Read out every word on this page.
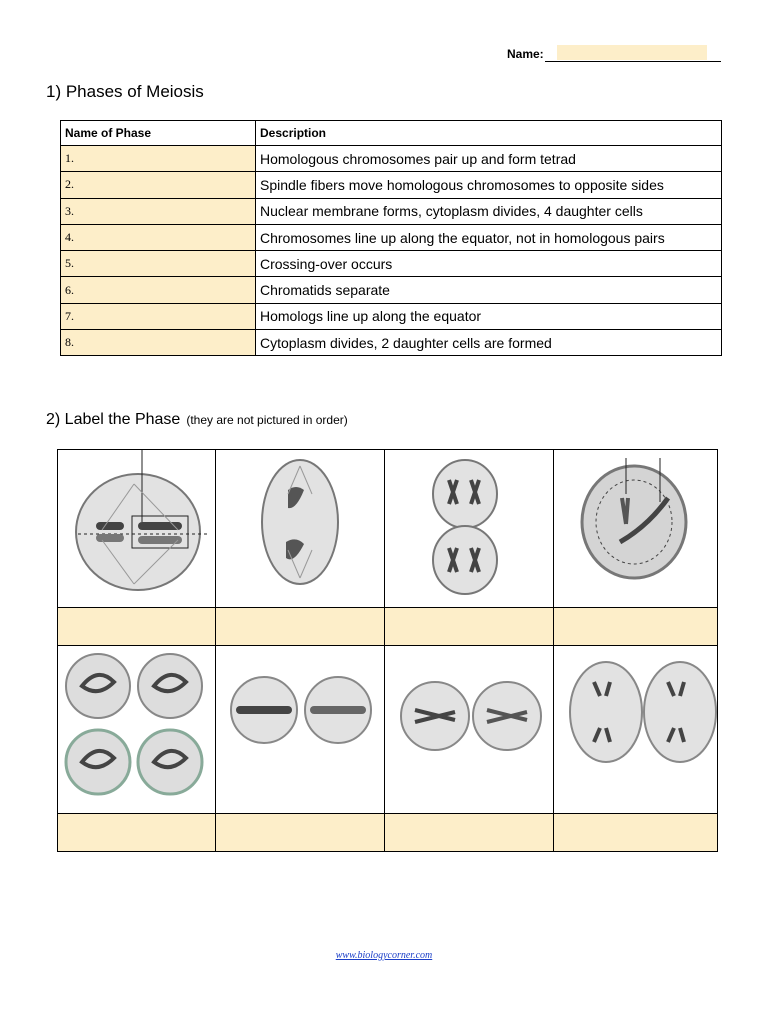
Name:
1) Phases of Meiosis
Name of Phase	Description
1.	Homologous chromosomes pair up and form tetrad
2.	Spindle fibers move homologous chromosomes to opposite sides
3.	Nuclear membrane forms, cytoplasm divides, 4 daughter cells
4.	Chromosomes line up along the equator, not in homologous pairs
5.	Crossing-over occurs
6.	Chromatids separate
7.	Homologs line up along the equator
8.	Cytoplasm divides, 2 daughter cells are formed
2) Label the Phase (they are not pictured in order)
www.biologycorner.com
